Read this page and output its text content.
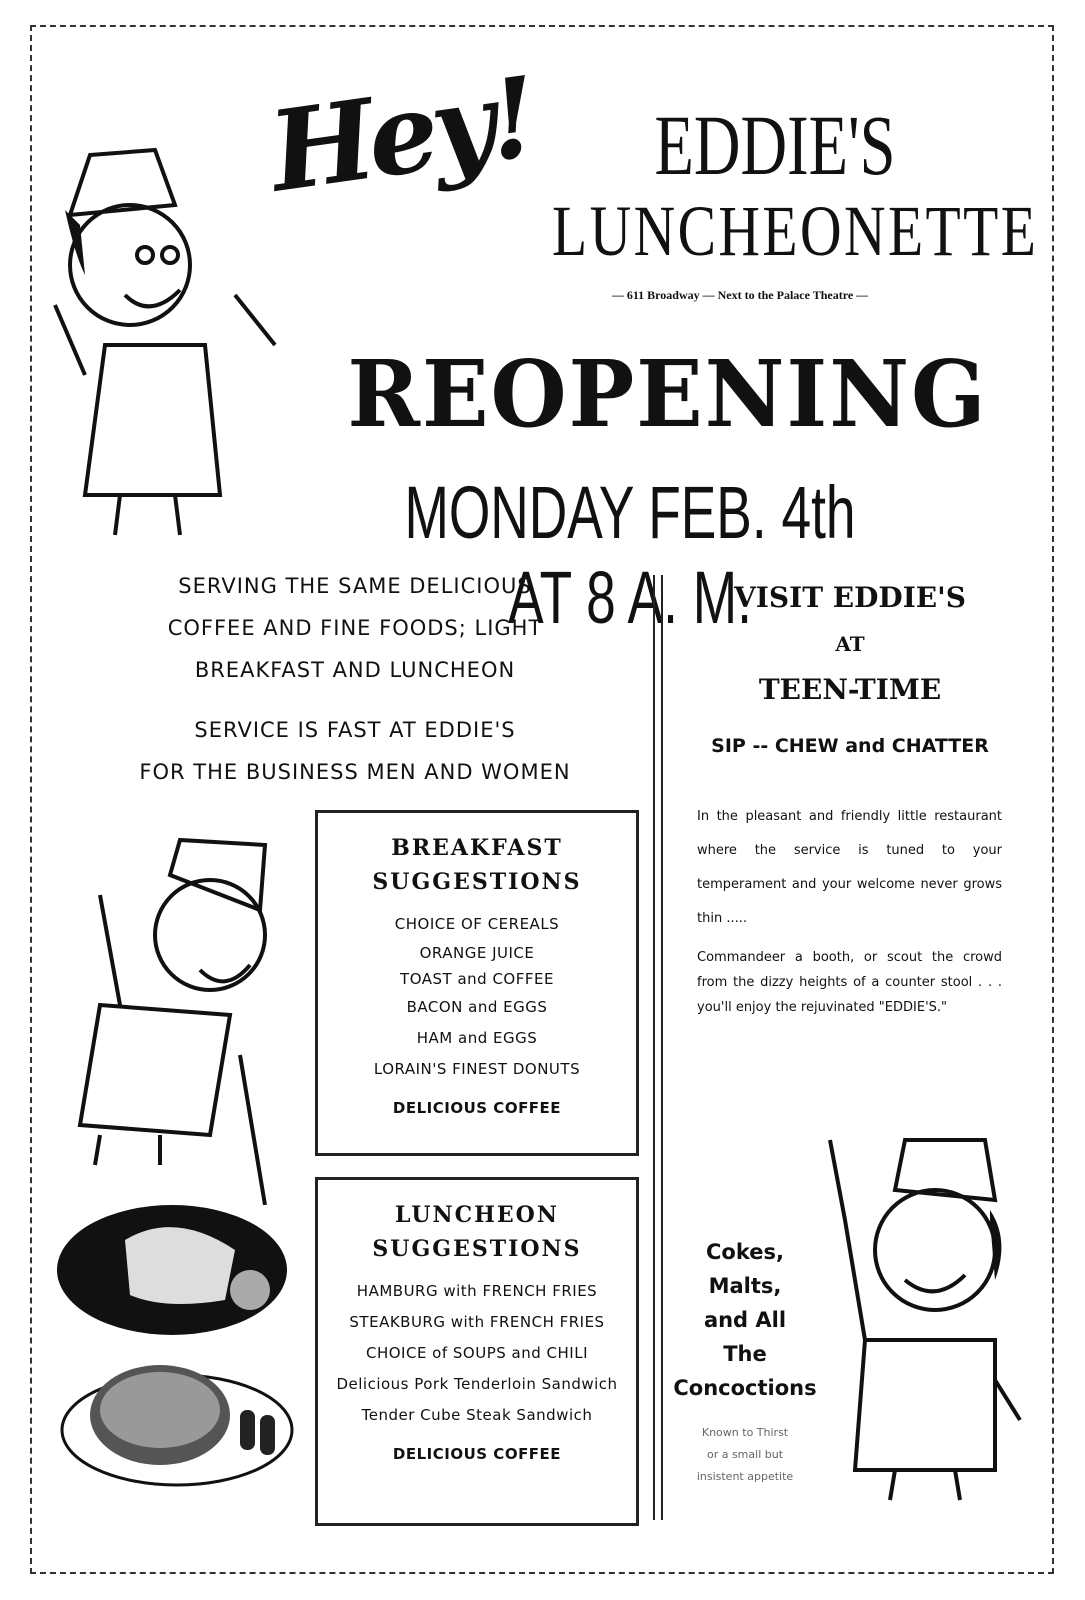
Hey!	EDDIE'S
LUNCHEONETTE
— 611 Broadway — Next to the Palace Theatre —
REOPENING
MONDAY FEB. 4th AT 8 A. M.
SERVING THE SAME DELICIOUS
COFFEE AND FINE FOODS; LIGHT
BREAKFAST AND LUNCHEON
SERVICE IS FAST AT EDDIE'S
FOR THE BUSINESS MEN AND WOMEN
BREAKFAST
SUGGESTIONS
CHOICE OF CEREALS
ORANGE JUICE
TOAST and COFFEE
BACON and EGGS
HAM and EGGS
LORAIN'S FINEST DONUTS
DELICIOUS COFFEE
LUNCHEON
SUGGESTIONS
HAMBURG with FRENCH FRIES
STEAKBURG with FRENCH FRIES
CHOICE of SOUPS and CHILI
Delicious Pork Tenderloin Sandwich
Tender Cube Steak Sandwich
DELICIOUS COFFEE
VISIT EDDIE'S
AT
TEEN-TIME
SIP -- CHEW and CHATTER
In the pleasant and friendly little restaurant where the service is tuned to your temperament and your welcome never grows thin .....
Commandeer a booth, or scout the crowd from the dizzy heights of a counter stool . . . you'll enjoy the rejuvinated "EDDIE'S."
Cokes,
Malts,
and All
The
Concoctions
Known to Thirst
or a small but
insistent appetite
